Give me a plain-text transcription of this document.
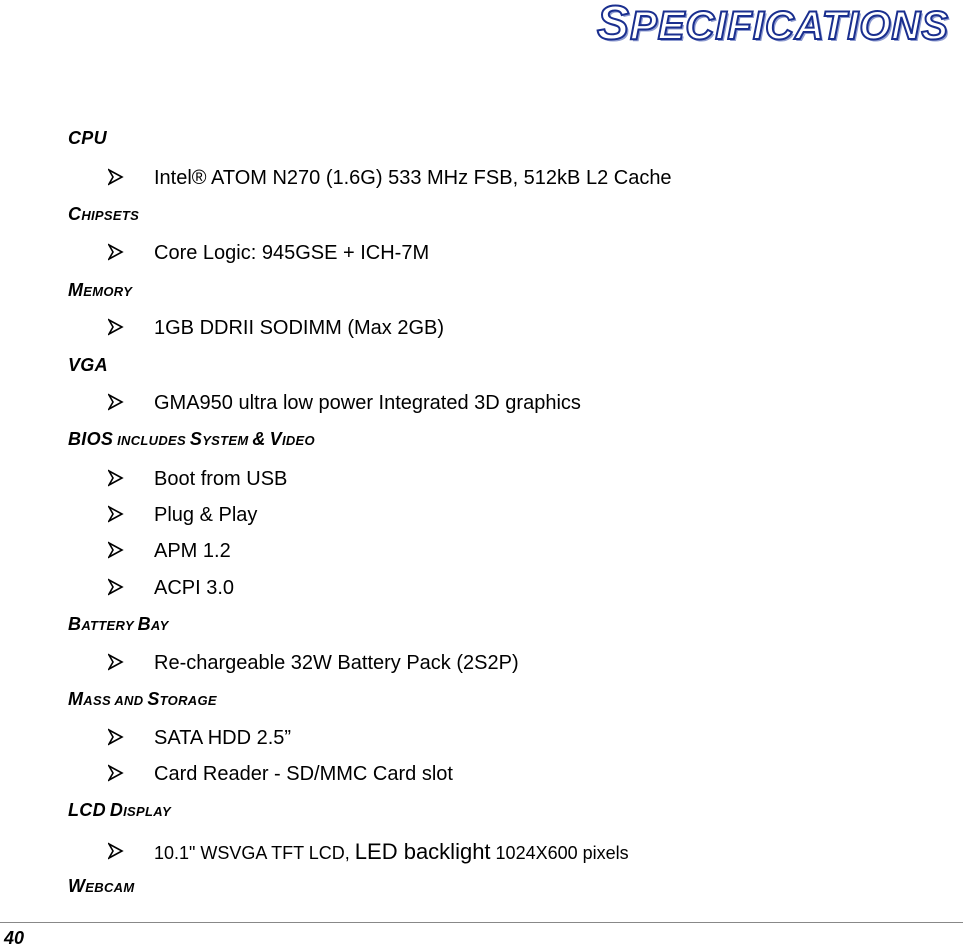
SPECIFICATIONS
CPU
CHIPSETS
MEMORY
VGA
BIOS INCLUDES SYSTEM & VIDEO
BATTERY BAY
MASS AND STORAGE
LCD DISPLAY
WEBCAM
Intel® ATOM N270 (1.6G) 533 MHz FSB, 512kB L2 Cache
Core Logic: 945GSE + ICH-7M
1GB DDRII SODIMM (Max 2GB)
GMA950 ultra low power Integrated 3D graphics
Boot from USB
Plug & Play
APM 1.2
ACPI 3.0
Re-chargeable 32W Battery Pack (2S2P)
SATA HDD 2.5”
Card Reader - SD/MMC Card slot
10.1" WSVGA TFT LCD, LED backlight 1024X600 pixels
40
